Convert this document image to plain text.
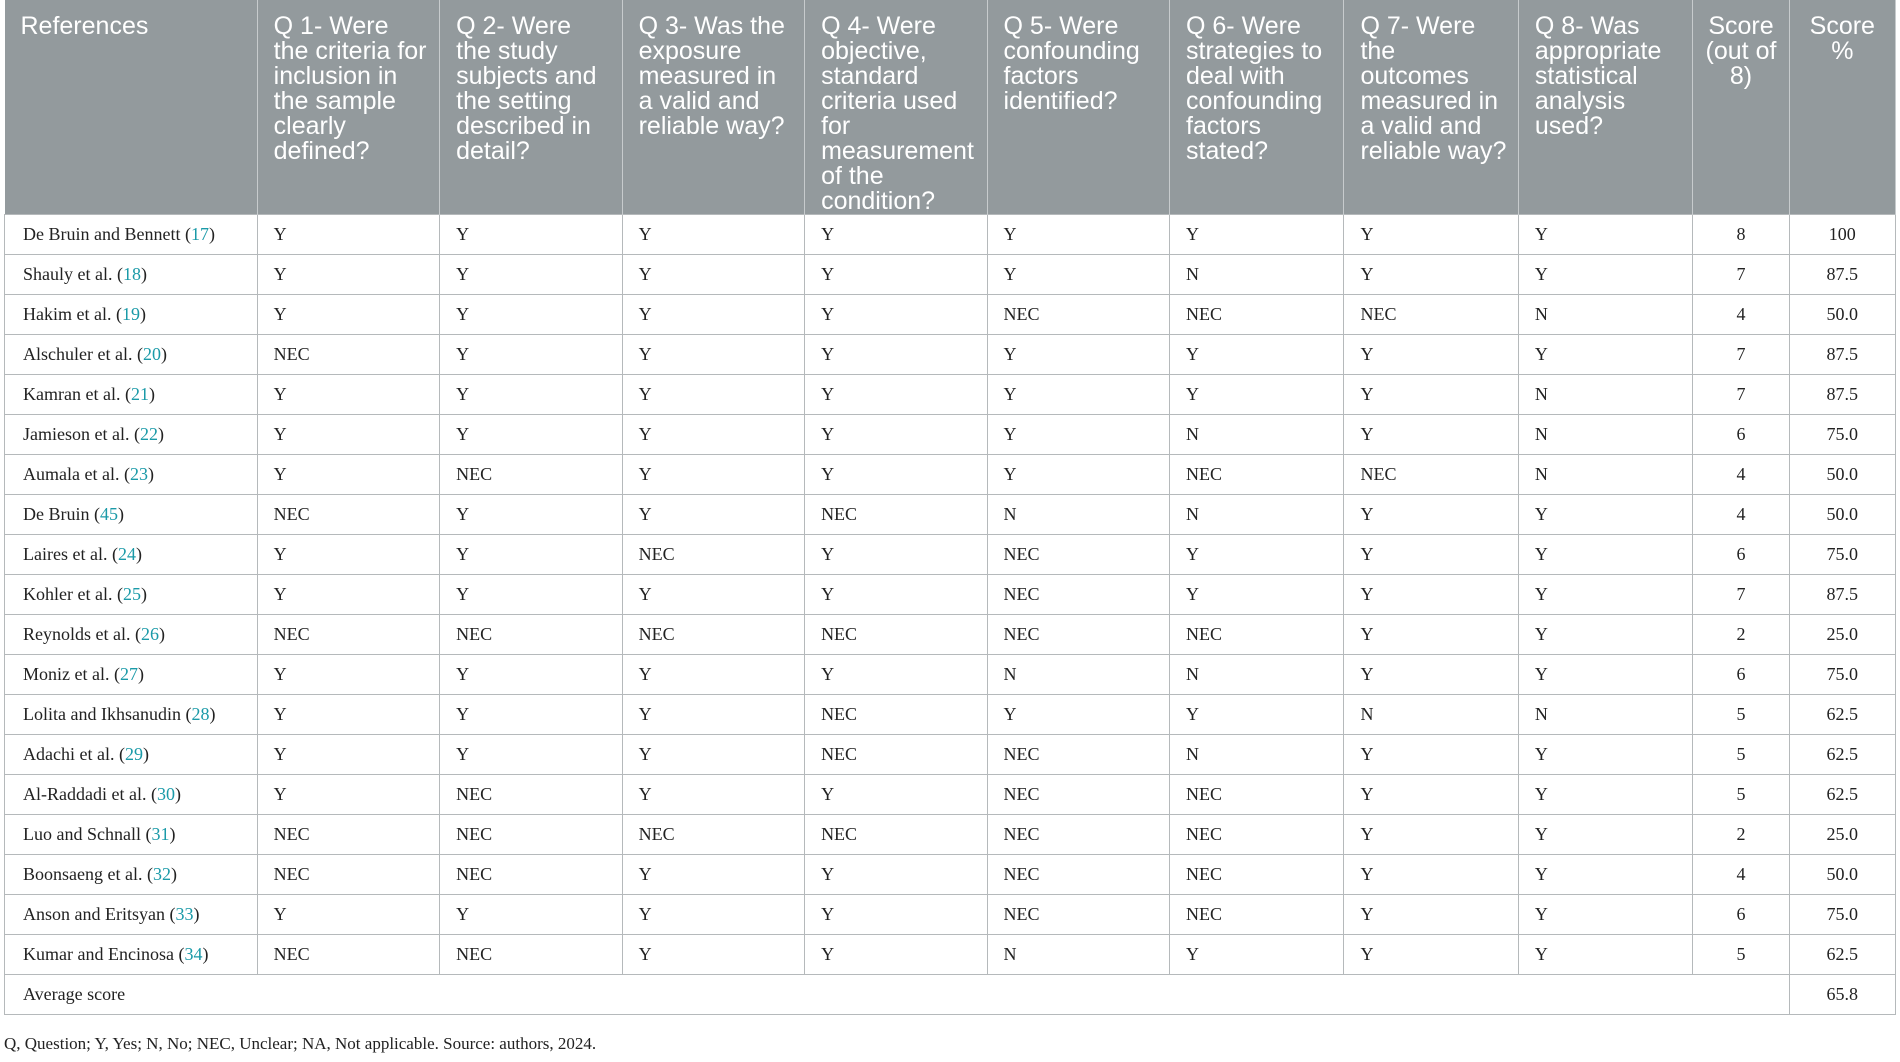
References	Q 1- Were the criteria for inclusion in the sample clearly defined?	Q 2- Were the study subjects and the setting described in detail?	Q 3- Was the exposure measured in a valid and reliable way?	Q 4- Were objective, standard criteria used for measurement of the condition?	Q 5- Were confounding factors identified?	Q 6- Were strategies to deal with confounding factors stated?	Q 7- Were the outcomes measured in a valid and reliable way?	Q 8- Was appropriate statistical analysis used?	Score (out of 8)	Score %
De Bruin and Bennett (17)	Y	Y	Y	Y	Y	Y	Y	Y	8	100
Shauly et al. (18)	Y	Y	Y	Y	Y	N	Y	Y	7	87.5
Hakim et al. (19)	Y	Y	Y	Y	NEC	NEC	NEC	N	4	50.0
Alschuler et al. (20)	NEC	Y	Y	Y	Y	Y	Y	Y	7	87.5
Kamran et al. (21)	Y	Y	Y	Y	Y	Y	Y	N	7	87.5
Jamieson et al. (22)	Y	Y	Y	Y	Y	N	Y	N	6	75.0
Aumala et al. (23)	Y	NEC	Y	Y	Y	NEC	NEC	N	4	50.0
De Bruin (45)	NEC	Y	Y	NEC	N	N	Y	Y	4	50.0
Laires et al. (24)	Y	Y	NEC	Y	NEC	Y	Y	Y	6	75.0
Kohler et al. (25)	Y	Y	Y	Y	NEC	Y	Y	Y	7	87.5
Reynolds et al. (26)	NEC	NEC	NEC	NEC	NEC	NEC	Y	Y	2	25.0
Moniz et al. (27)	Y	Y	Y	Y	N	N	Y	Y	6	75.0
Lolita and Ikhsanudin (28)	Y	Y	Y	NEC	Y	Y	N	N	5	62.5
Adachi et al. (29)	Y	Y	Y	NEC	NEC	N	Y	Y	5	62.5
Al-Raddadi et al. (30)	Y	NEC	Y	Y	NEC	NEC	Y	Y	5	62.5
Luo and Schnall (31)	NEC	NEC	NEC	NEC	NEC	NEC	Y	Y	2	25.0
Boonsaeng et al. (32)	NEC	NEC	Y	Y	NEC	NEC	Y	Y	4	50.0
Anson and Eritsyan (33)	Y	Y	Y	Y	NEC	NEC	Y	Y	6	75.0
Kumar and Encinosa (34)	NEC	NEC	Y	Y	N	Y	Y	Y	5	62.5
Average score										65.8
Q, Question; Y, Yes; N, No; NEC, Unclear; NA, Not applicable. Source: authors, 2024.
